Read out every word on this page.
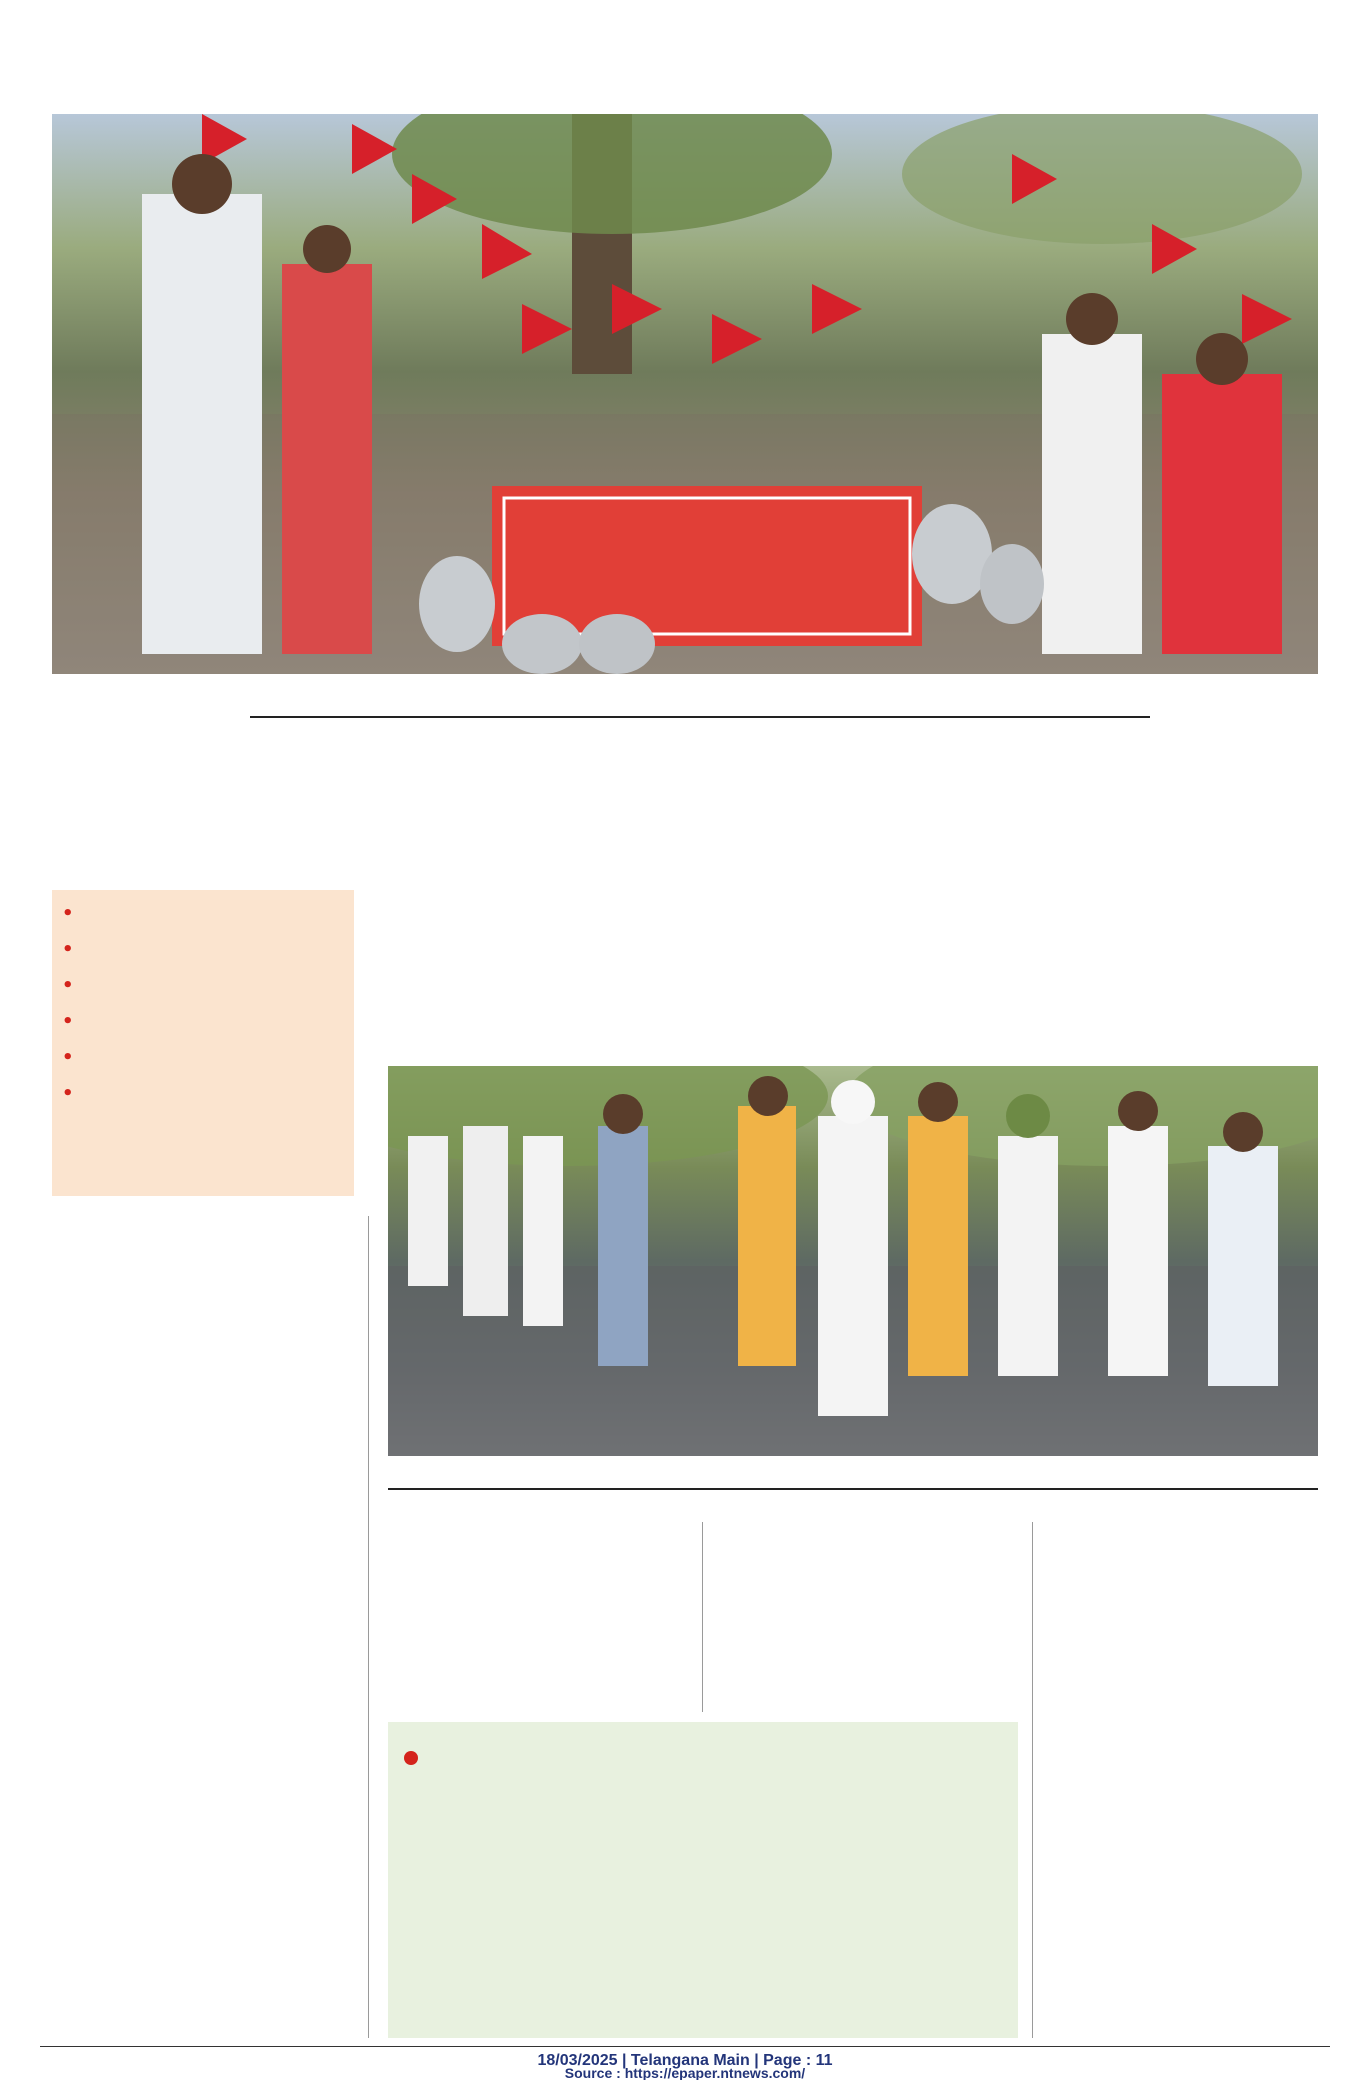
•
•
•
•
•
•
18/03/2025 | Telangana Main | Page : 11
Source : https://epaper.ntnews.com/
